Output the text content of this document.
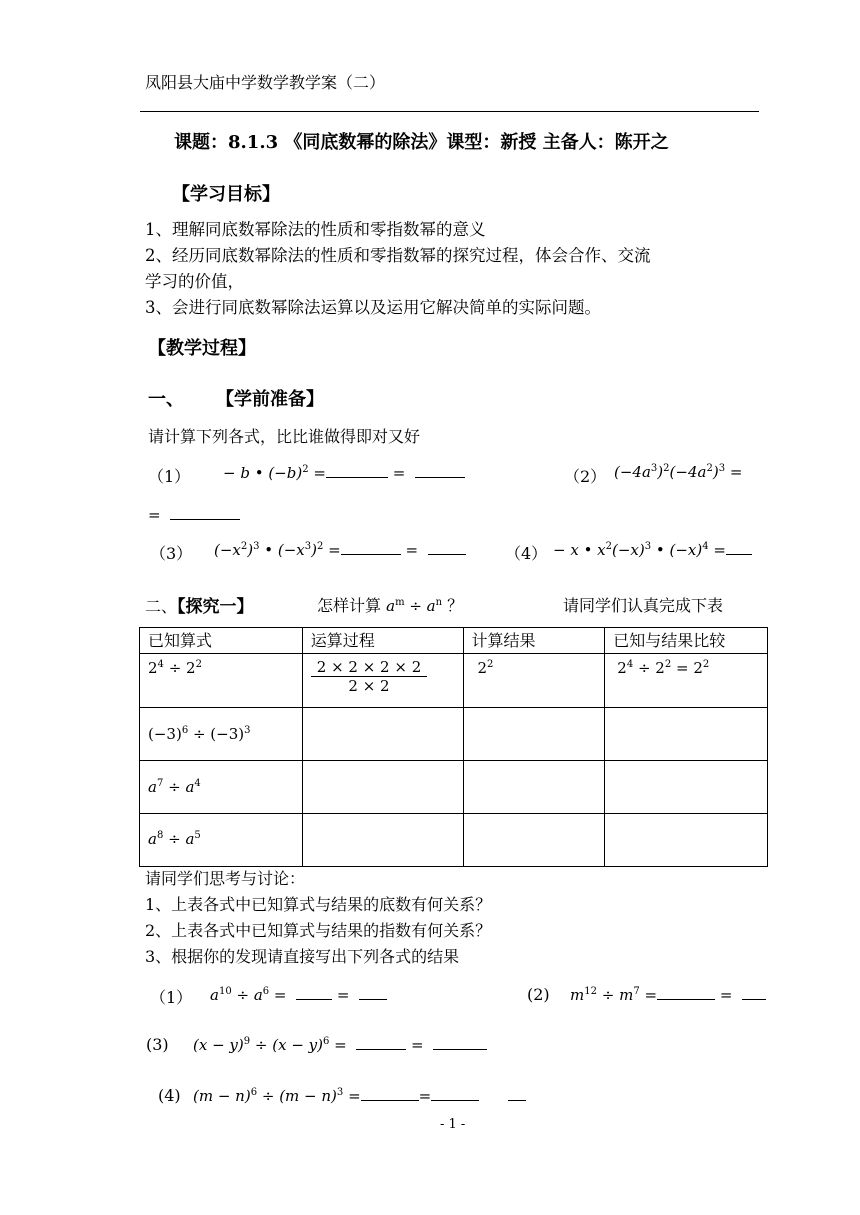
凤阳县大庙中学数学教学案（二）
课题：8.1.3 《同底数幂的除法》课型：新授 主备人：陈开之
【学习目标】
1、理解同底数幂除法的性质和零指数幂的意义
2、经历同底数幂除法的性质和零指数幂的探究过程，体会合作、交流
学习的价值，
3、会进行同底数幂除法运算以及运用它解决简单的实际问题。
【教学过程】
一、 【学前准备】
请计算下列各式，比比谁做得即对又好
（1） − b • $(-b)^2$ =	=	（2） $(-4a^3)^2(-4a^2)^3$ =
=
（3） $(-x^2)^3$ • $(-x^3)^2$ =	=	（4） − x • $x^2(-x)^3$ • $(-x)^4$ =
二、【探究一】	怎样计算 $a^m \div a^n$ ？	请同学们认真完成下表
已知算式	运算过程	计算结果	已知与结果比较
$2^4 \div 2^2$	$\frac{2 \times 2 \times 2 \times 2}{2 \times 2}$	$2^2$	$2^4 \div 2^2 = 2^2$
$(-3)^6 \div (-3)^3$			
$a^7 \div a^4$			
$a^8 \div a^5$			
请同学们思考与讨论：
1、上表各式中已知算式与结果的底数有何关系？
2、上表各式中已知算式与结果的指数有何关系？
3、根据你的发现请直接写出下列各式的结果
（1） $a^{10} \div a^6$ =	=	(2) $m^{12} \div m^7$ =	=
(3) $(x - y)^9 \div (x - y)^6$ =	=
(4) $(m - n)^6 \div (m - n)^3$ =	=
- 1 -
